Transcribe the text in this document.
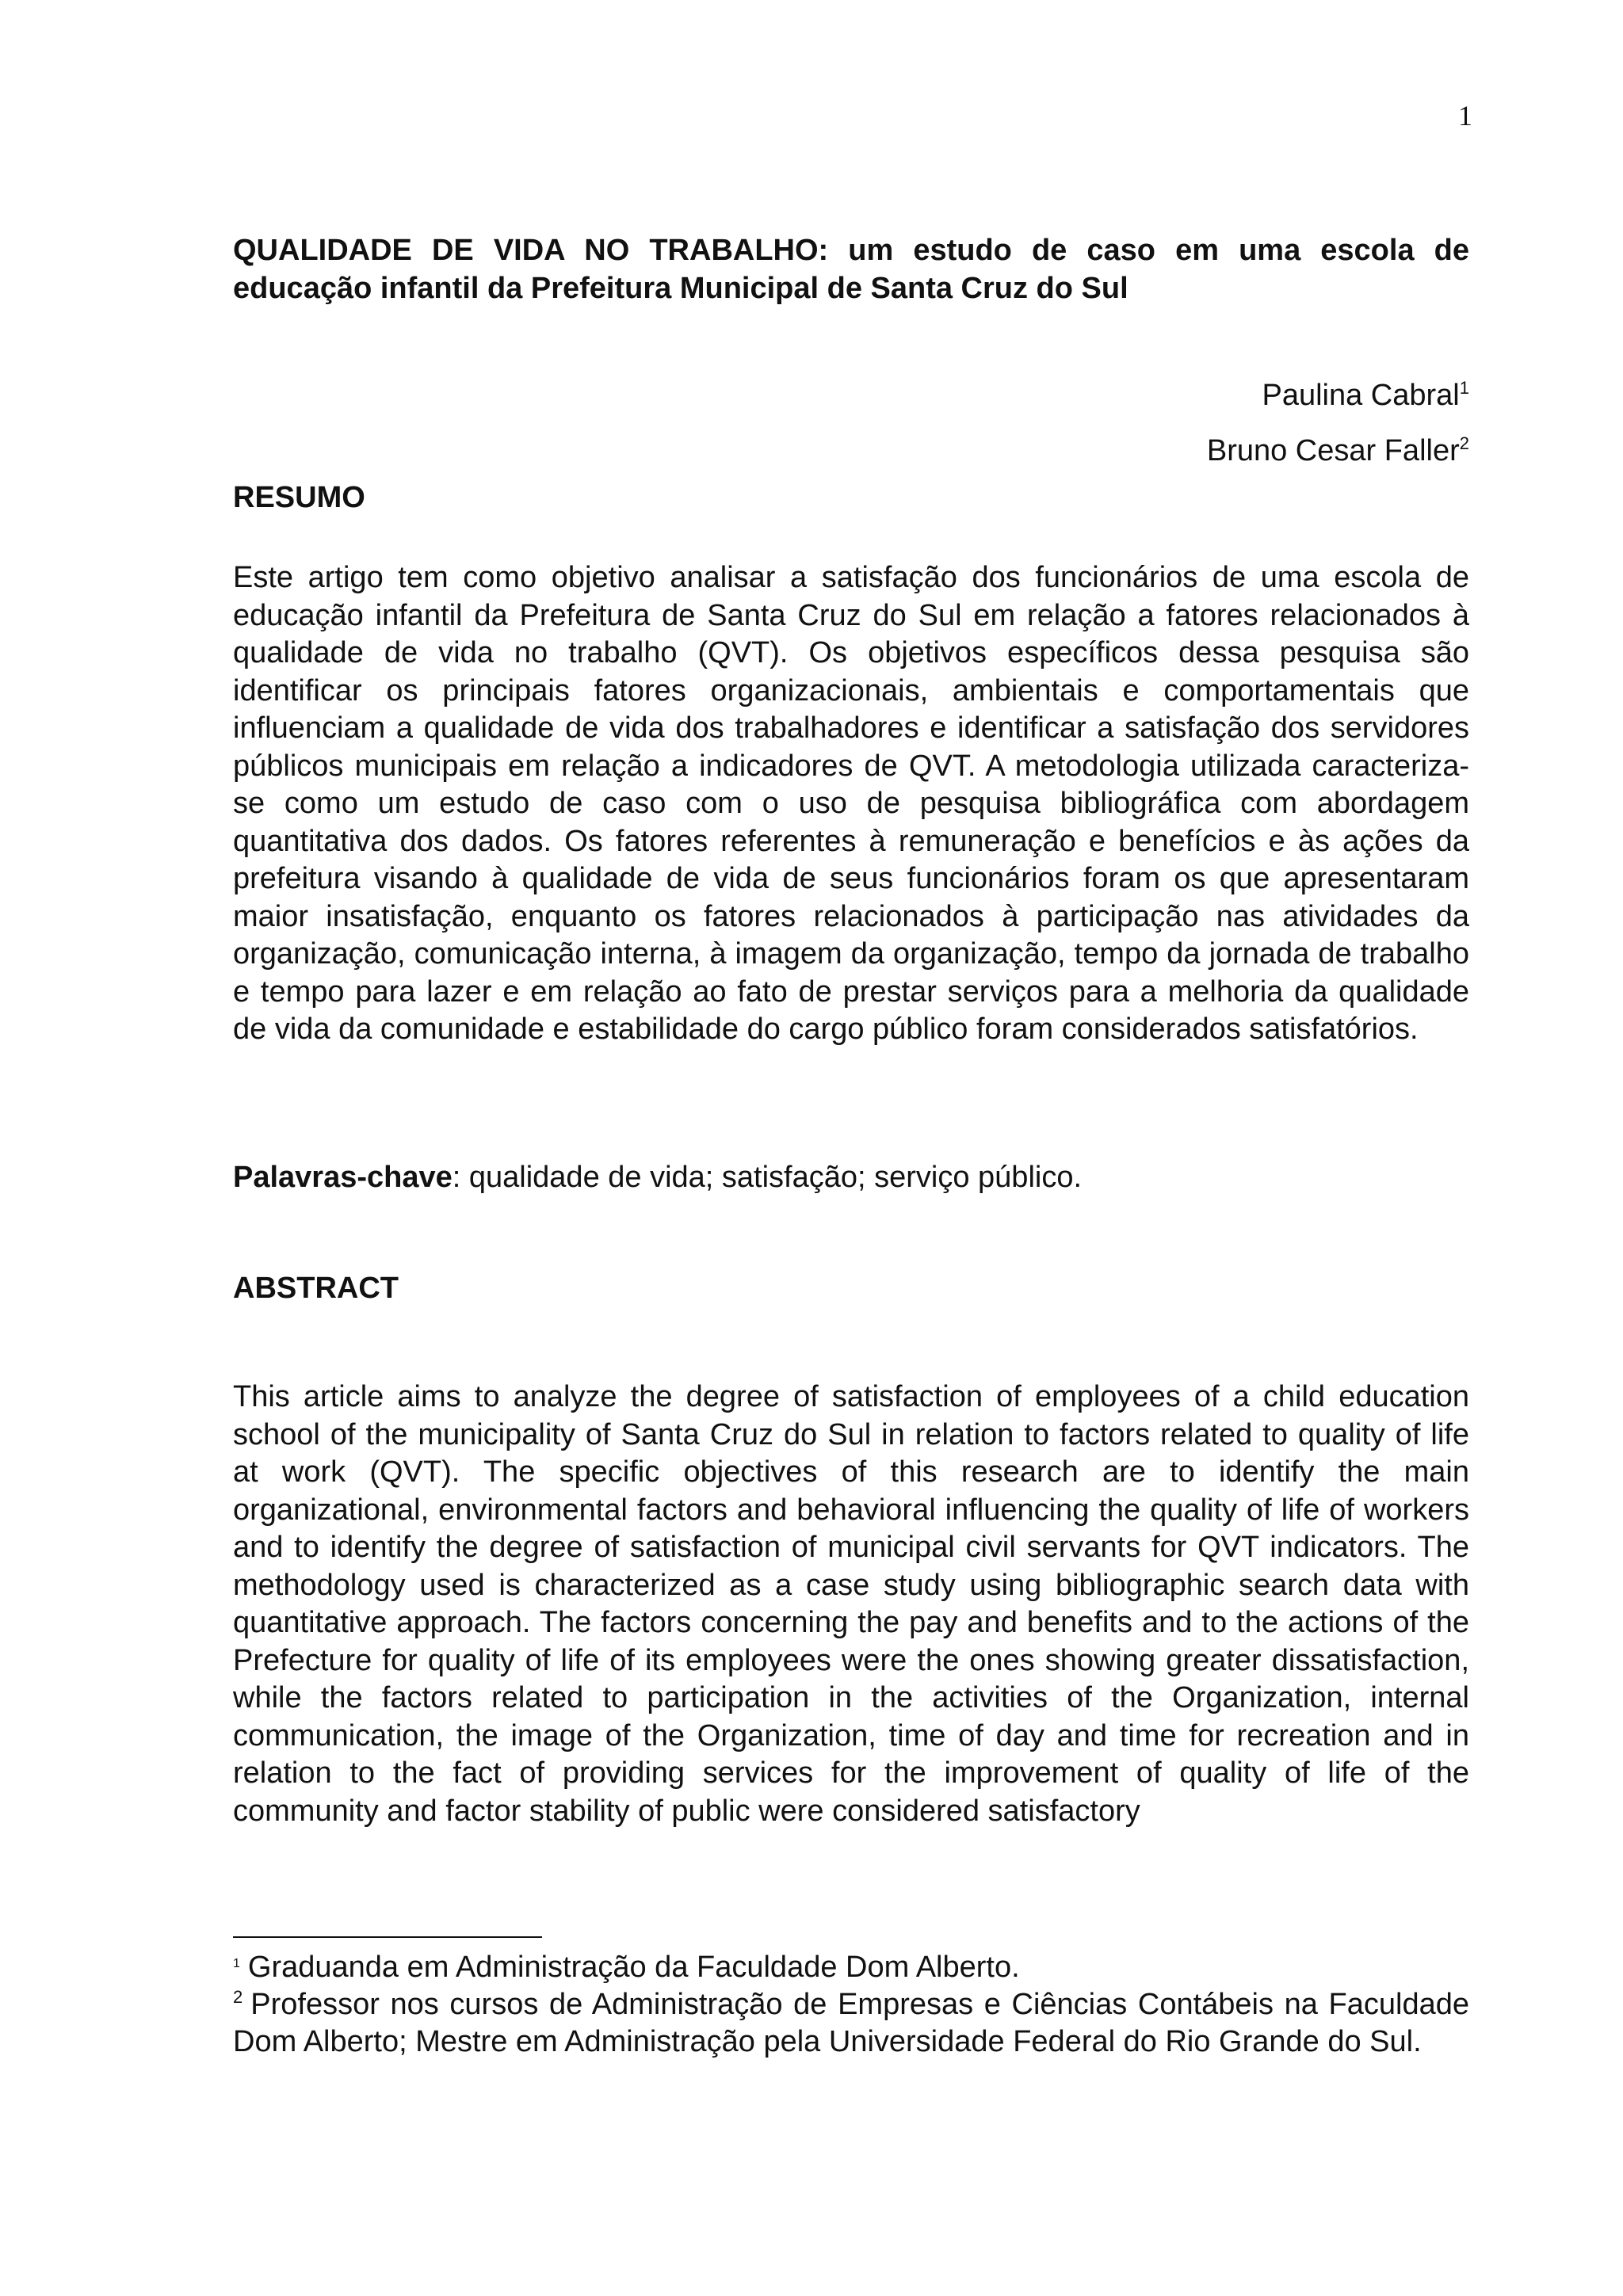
1
QUALIDADE DE VIDA NO TRABALHO: um estudo de caso em uma escola de educação infantil da Prefeitura Municipal de Santa Cruz do Sul
Paulina Cabral$^1$
Bruno Cesar Faller$^2$
RESUMO

Este artigo tem como objetivo analisar a satisfação dos funcionários de uma escola de educação infantil da Prefeitura de Santa Cruz do Sul em relação a fatores relacionados à qualidade de vida no trabalho (QVT). Os objetivos específicos dessa pesquisa são identificar os principais fatores organizacionais, ambientais e comportamentais que influenciam a qualidade de vida dos trabalhadores e identificar a satisfação dos servidores públicos municipais em relação a indicadores de QVT. A metodologia utilizada caracteriza-se como um estudo de caso com o uso de pesquisa bibliográfica com abordagem quantitativa dos dados. Os fatores referentes à remuneração e benefícios e às ações da prefeitura visando à qualidade de vida de seus funcionários foram os que apresentaram maior insatisfação, enquanto os fatores relacionados à participação nas atividades da organização, comunicação interna, à imagem da organização, tempo da jornada de trabalho e tempo para lazer e em relação ao fato de prestar serviços para a melhoria da qualidade de vida da comunidade e estabilidade do cargo público foram considerados satisfatórios.

Palavras-chave: qualidade de vida; satisfação; serviço público.
ABSTRACT

This article aims to analyze the degree of satisfaction of employees of a child education school of the municipality of Santa Cruz do Sul in relation to factors related to quality of life at work (QVT). The specific objectives of this research are to identify the main organizational, environmental factors and behavioral influencing the quality of life of workers and to identify the degree of satisfaction of municipal civil servants for QVT indicators. The methodology used is characterized as a case study using bibliographic search data with quantitative approach. The factors concerning the pay and benefits and to the actions of the Prefecture for quality of life of its employees were the ones showing greater dissatisfaction, while the factors related to participation in the activities of the Organization, internal communication, the image of the Organization, time of day and time for recreation and in relation to the fact of providing services for the improvement of quality of life of the community and factor stability of public were considered satisfactory

$^1$ Graduanda em Administração da Faculdade Dom Alberto.

$^2$ Professor nos cursos de Administração de Empresas e Ciências Contábeis na Faculdade Dom Alberto; Mestre em Administração pela Universidade Federal do Rio Grande do Sul.
